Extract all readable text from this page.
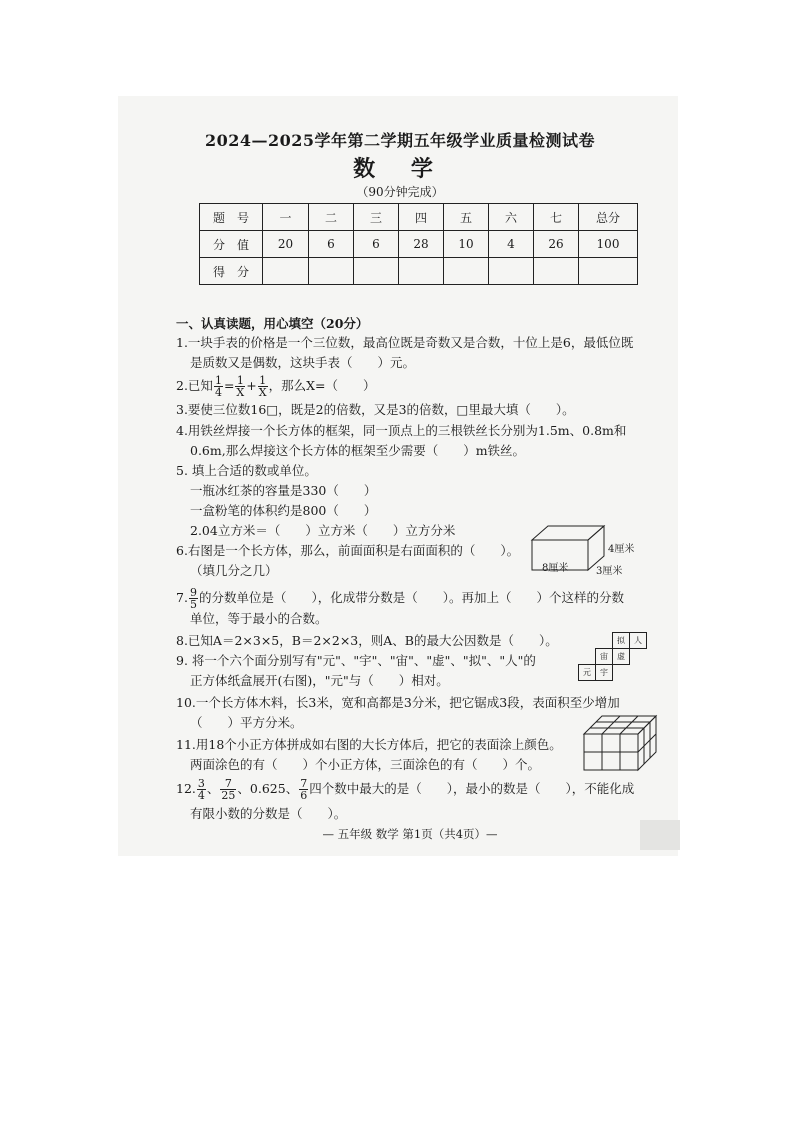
2024—2025学年第二学期五年级学业质量检测试卷
数 学
（90分钟完成）
题　号	一	二	三	四	五	六	七	总分
分　值	20	6	6	28	10	4	26	100
得　分								
一、认真读题，用心填空（20分）
1.一块手表的价格是一个三位数，最高位既是奇数又是合数，十位上是6，最低位既
是质数又是偶数，这块手表（　　）元。
2.已知 $\frac{1}{4} = \frac{1}{X} + \frac{1}{X}$ ，那么X=（　　）
3.要使三位数16□，既是2的倍数，又是3的倍数，□里最大填（　　）。
4.用铁丝焊接一个长方体的框架，同一顶点上的三根铁丝长分别为1.5m、0.8m和
0.6m,那么焊接这个长方体的框架至少需要（　　）m铁丝。
5. 填上合适的数或单位。
一瓶冰红茶的容量是330（　　）
一盒粉笔的体积约是800（　　）
2.04立方米＝（　　）立方米（　　）立方分米
6.右图是一个长方体，那么，前面面积是右面面积的（　　）。
（填几分之几）
4厘米
8厘米	3厘米
7. $\frac{9}{5}$ 的分数单位是（　　），化成带分数是（　　）。再加上（　　）个这样的分数
单位，等于最小的合数。
8.已知A＝2×3×5，B＝2×2×3，则A、B的最大公因数是（　　）。
9. 将一个六个面分别写有"元"、"宇"、"宙"、"虚"、"拟"、"人"的
正方体纸盒展开(右图)，"元"与（　　）相对。
拟	人
宙	虚
元	宇
10.一个长方体木料，长3米，宽和高都是3分米，把它锯成3段，表面积至少增加
（　　）平方分米。
11.用18个小正方体拼成如右图的大长方体后，把它的表面涂上颜色。
两面涂色的有（　　）个小正方体，三面涂色的有（　　）个。
12. $\frac{3}{4}$ 、 $\frac{7}{25}$ 、0.625、 $\frac{7}{6}$ 四个数中最大的是（　　），最小的数是（　　），不能化成
有限小数的分数是（　　）。
— 五年级 数学 第1页（共4页）—
